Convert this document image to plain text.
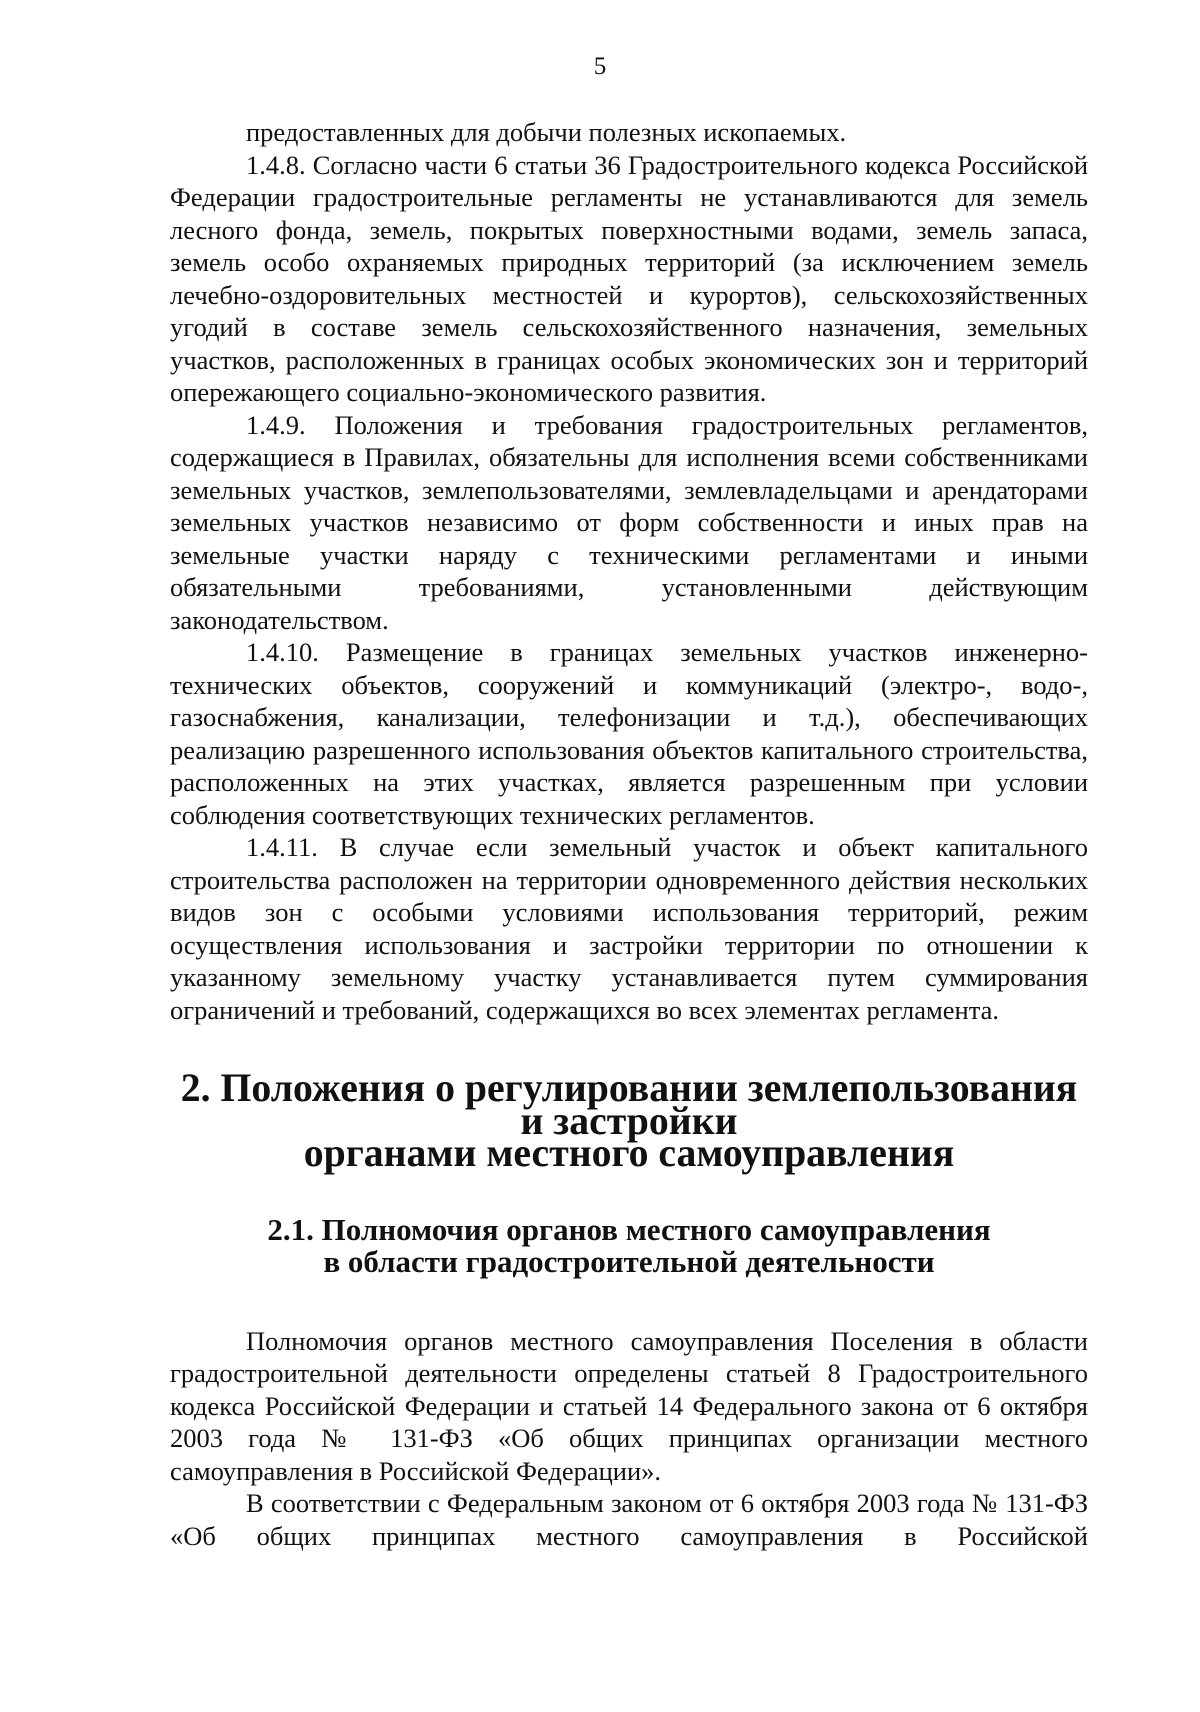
5

предоставленных для добычи полезных ископаемых.

1.4.8. Согласно части 6 статьи 36 Градостроительного кодекса Российской Федерации градостроительные регламенты не устанавливаются для земель лесного фонда, земель, покрытых поверхностными водами, земель запаса, земель особо охраняемых природных территорий (за исключением земель лечебно-оздоровительных местностей и курортов), сельскохозяйственных угодий в составе земель сельскохозяйственного назначения, земельных участков, расположенных в границах особых экономических зон и территорий опережающего социально-экономического развития.

1.4.9. Положения и требования градостроительных регламентов, содержащиеся в Правилах, обязательны для исполнения всеми собственниками земельных участков, землепользователями, землевладельцами и арендаторами земельных участков независимо от форм собственности и иных прав на земельные участки наряду с техническими регламентами и иными обязательными требованиями, установленными действующим законодательством.

1.4.10. Размещение в границах земельных участков инженерно-технических объектов, сооружений и коммуникаций (электро-, водо-, газоснабжения, канализации, телефонизации и т.д.), обеспечивающих реализацию разрешенного использования объектов капитального строительства, расположенных на этих участках, является разрешенным при условии соблюдения соответствующих технических регламентов.

1.4.11. В случае если земельный участок и объект капитального строительства расположен на территории одновременного действия нескольких видов зон с особыми условиями использования территорий, режим осуществления использования и застройки территории по отношении к указанному земельному участку устанавливается путем суммирования ограничений и требований, содержащихся во всех элементах регламента.

2. Положения о регулировании землепользования и застройки
органами местного самоуправления
2.1. Полномочия органов местного самоуправления
в области градостроительной деятельности

Полномочия органов местного самоуправления Поселения в области градостроительной деятельности определены статьей 8 Градостроительного кодекса Российской Федерации и статьей 14 Федерального закона от 6 октября 2003 года № 131-ФЗ «Об общих принципах организации местного самоуправления в Российской Федерации».

В соответствии с Федеральным законом от 6 октября 2003 года № 131-ФЗ «Об общих принципах местного самоуправления в Российской
